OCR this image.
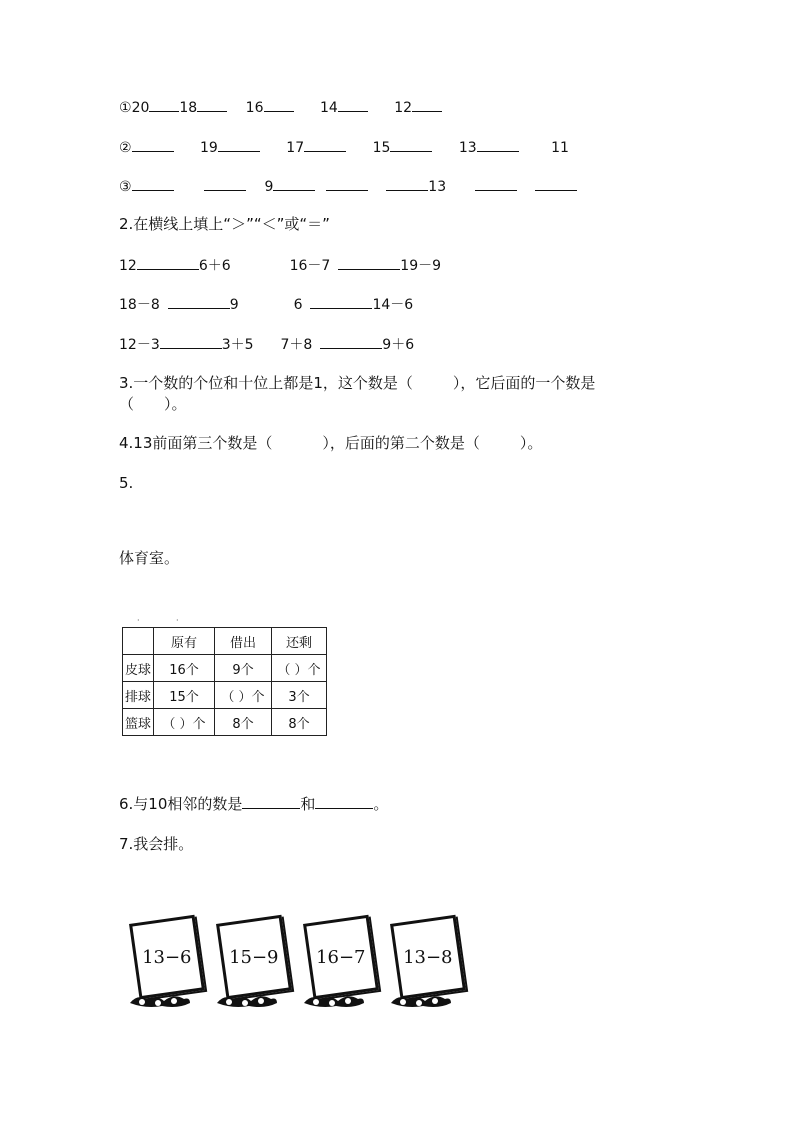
①20 18	16	14	12
②	19	17	15	13	11
③	9	13
2.在横线上填上“＞”“＜”或“＝”
12	6＋6	16－7	19－9
18－8	9	6	14－6
12－3	3＋5 7＋8	9＋6
3.一个数的个位和十位上都是1，这个数是（	），它后面的一个数是
（ ）。
4.13前面第三个数是（	），后面的第二个数是（	）。
5.
体育室。
·	·
	原有	借出	还剩
皮球	16个	9个	（ ）个
排球	15个	（ ）个	3个
篮球	（ ）个	8个	8个
6.与10相邻的数是	和	。
7.我会排。
13−6 15−9 16−7 13−8
